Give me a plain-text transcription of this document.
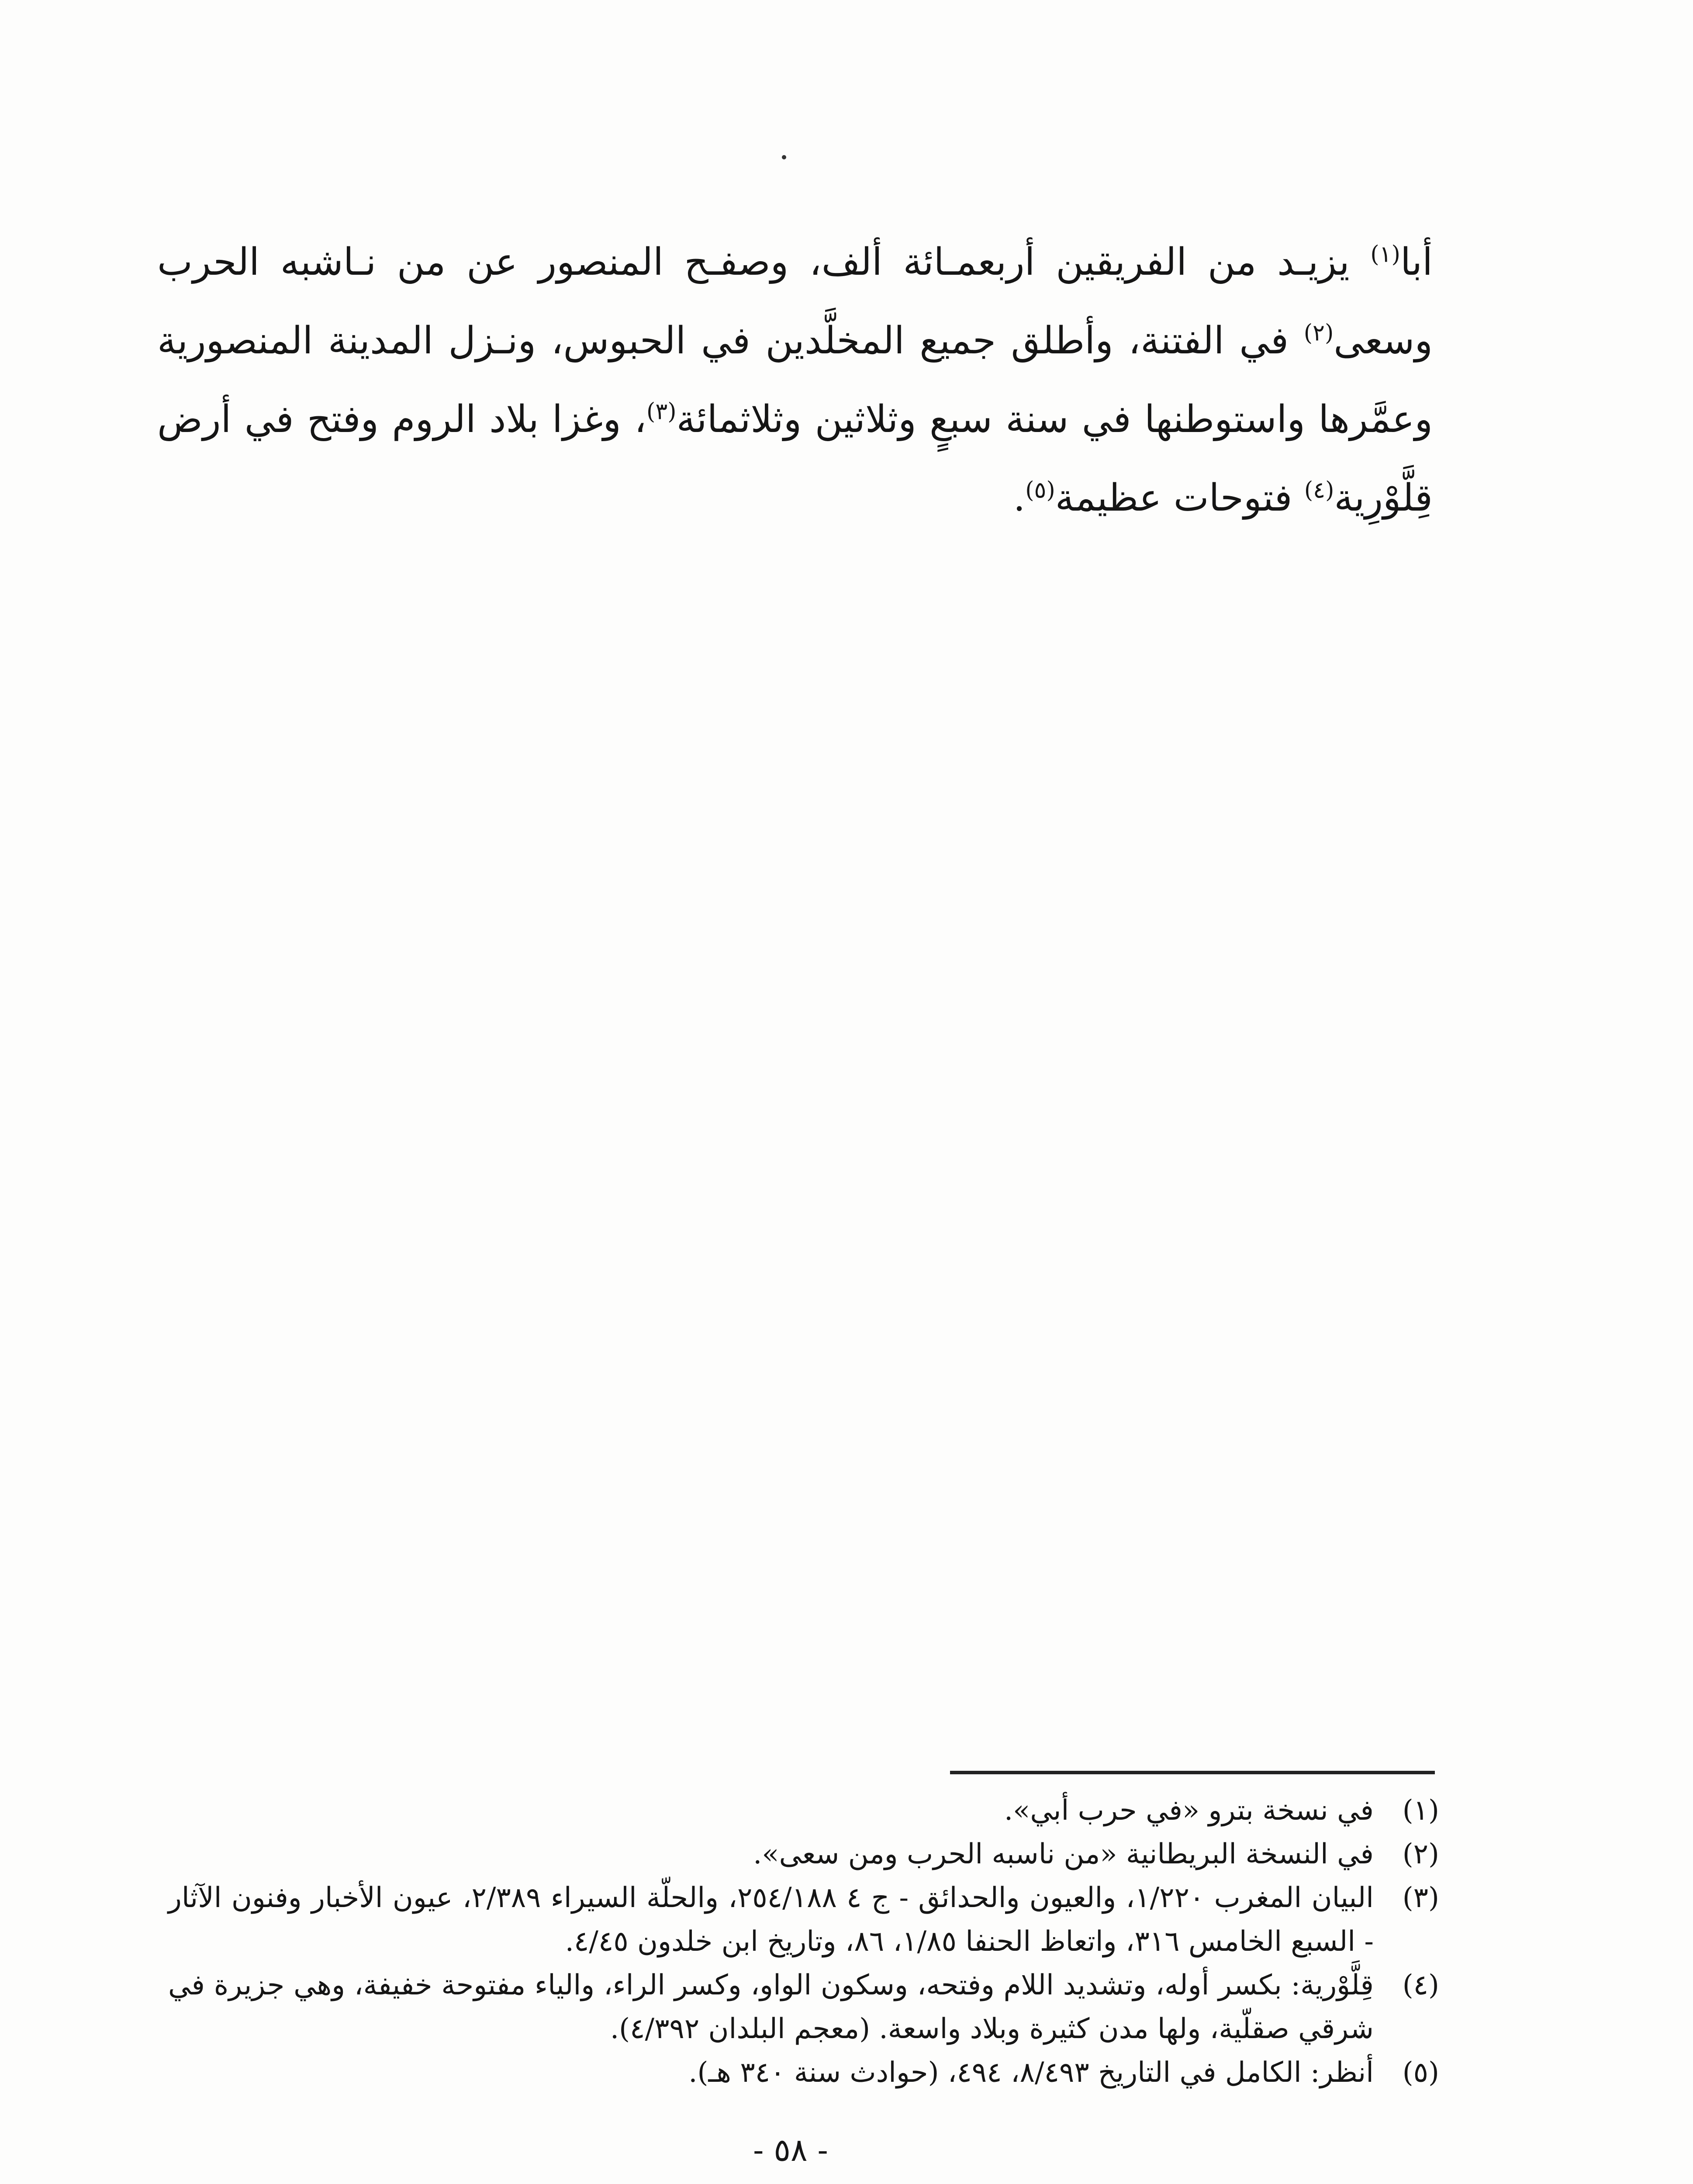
أبا$^{(١)}$ يزيـد من الفريقين أربعمـائة ألف، وصفـح المنصور عن من نـاشبه الحرب وسعى$^{(٢)}$ في الفتنة، وأطلق جميع المخلَّدين في الحبوس، ونـزل المدينة المنصورية وعمَّرها واستوطنها في سنة سبعٍ وثلاثين وثلاثمائة$^{(٣)}$، وغزا بلاد الروم وفتح في أرض قِلَّوْرِية$^{(٤)}$ فتوحات عظيمة$^{(٥)}$.

(١)
في نسخة بترو «في حرب أبي».
(٢)
في النسخة البريطانية «من ناسبه الحرب ومن سعى».
(٣)
البيان المغرب ١/٢٢٠، والعيون والحدائق - ج ٤ ٢٥٤/١٨٨، والحلّة السيراء ٢/٣٨٩، عيون الأخبار وفنون الآثار - السبع الخامس ٣١٦، واتعاظ الحنفا ١/٨٥، ٨٦، وتاريخ ابن خلدون ٤/٤٥.
(٤)
قِلَّوْرية: بكسر أوله، وتشديد اللام وفتحه، وسكون الواو، وكسر الراء، والياء مفتوحة خفيفة، وهي جزيرة في شرقي صقلّية، ولها مدن كثيرة وبلاد واسعة. (معجم البلدان ٤/٣٩٢).
(٥)
أنظر: الكامل في التاريخ ٨/٤٩٣، ٤٩٤، (حوادث سنة ٣٤٠ هـ).
- ٥٨ -
